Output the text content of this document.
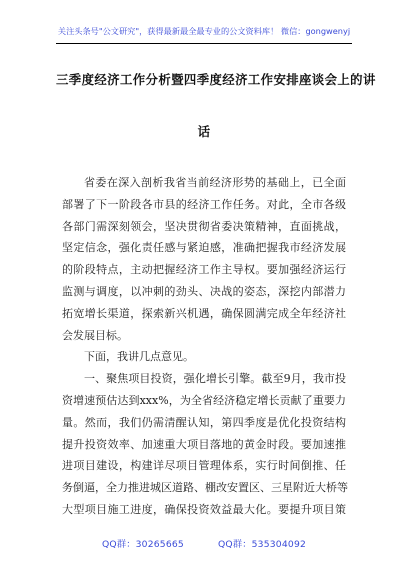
关注头条号"公文研究"，获得最新最全最专业的公文资料库！ 微信：gongwenyj
三季度经济工作分析暨四季度经济工作安排座谈会上的讲
话
省委在深入剖析我省当前经济形势的基础上，已全面
部署了下一阶段各市县的经济工作任务。对此，全市各级
各部门需深刻领会，坚决贯彻省委决策精神，直面挑战，
坚定信念，强化责任感与紧迫感，准确把握我市经济发展
的阶段特点，主动把握经济工作主导权。要加强经济运行
监测与调度，以冲刺的劲头、决战的姿态，深挖内部潜力
拓宽增长渠道，探索新兴机遇，确保圆满完成全年经济社
会发展目标。
下面，我讲几点意见。
一、聚焦项目投资，强化增长引擎。截至9月，我市投
资增速预估达到xxx%，为全省经济稳定增长贡献了重要力
量。然而，我们仍需清醒认知，第四季度是优化投资结构
提升投资效率、加速重大项目落地的黄金时段。要加速推
进项目建设，构建详尽项目管理体系，实行时间倒推、任
务倒逼，全力推进城区道路、棚改安置区、三星附近大桥等
大型项目施工进度，确保投资效益最大化。要提升项目策
QQ群：30265665	QQ群：535304092
